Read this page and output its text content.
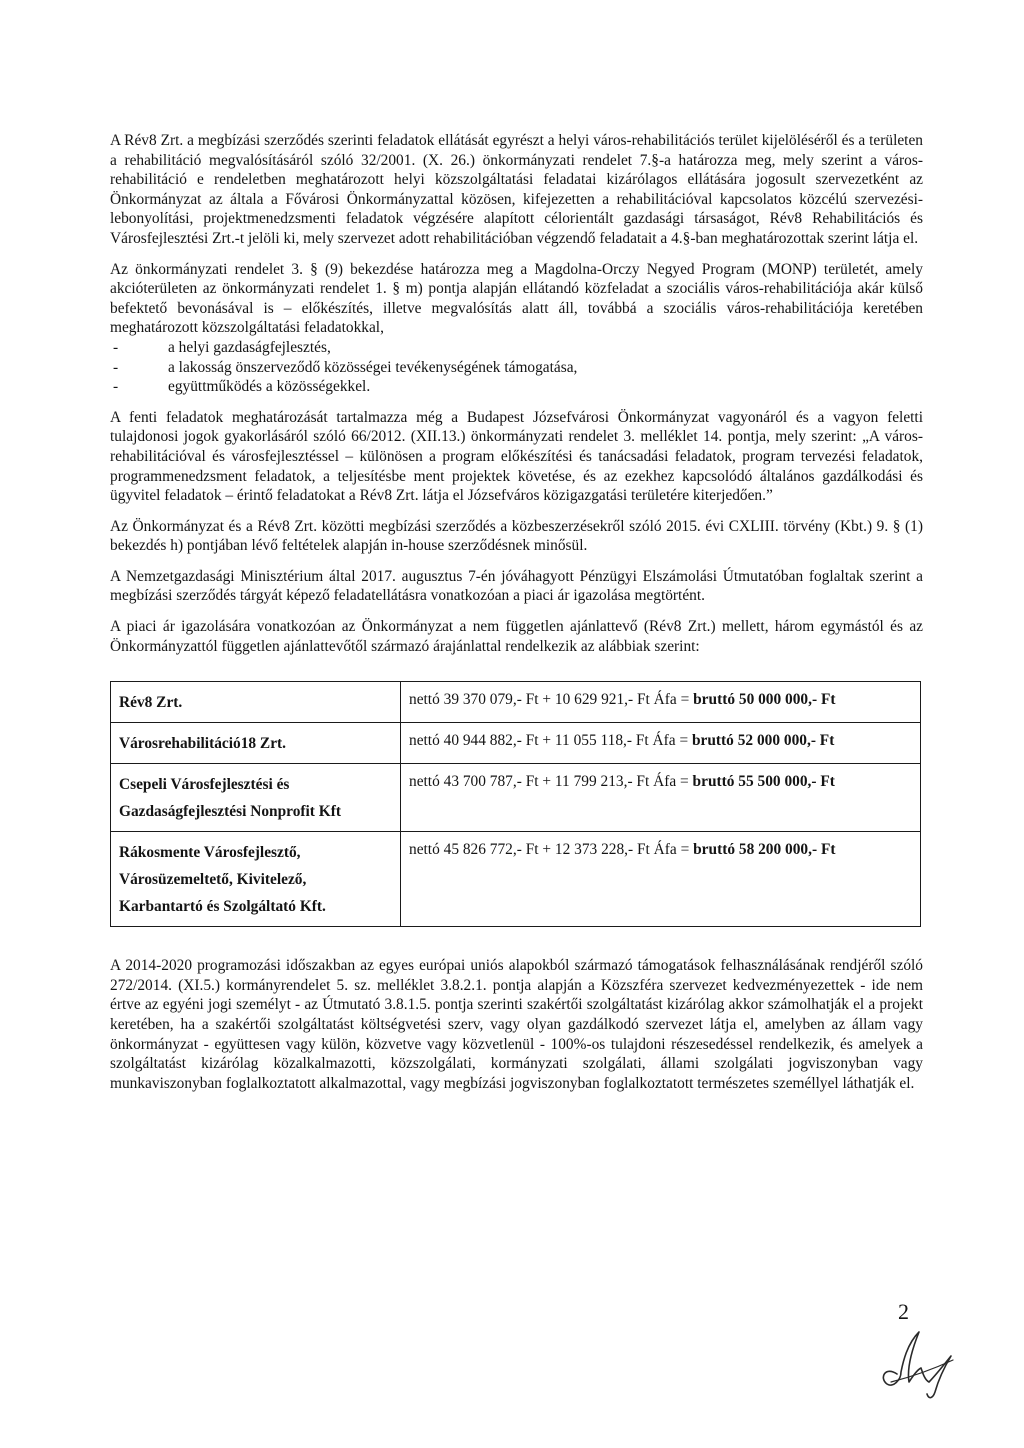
A Rév8 Zrt. a megbízási szerződés szerinti feladatok ellátását egyrészt a helyi város-rehabilitációs terület kijelöléséről és a területen a rehabilitáció megvalósításáról szóló 32/2001. (X. 26.) önkormányzati rendelet 7.§-a határozza meg, mely szerint a város-rehabilitáció e rendeletben meghatározott helyi közszolgáltatási feladatai kizárólagos ellátására jogosult szervezetként az Önkormányzat az általa a Fővárosi Önkormányzattal közösen, kifejezetten a rehabilitációval kapcsolatos közcélú szervezési-lebonyolítási, projektmenedzsmenti feladatok végzésére alapított célorientált gazdasági társaságot, Rév8 Rehabilitációs és Városfejlesztési Zrt.-t jelöli ki, mely szervezet adott rehabilitációban végzendő feladatait a 4.§-ban meghatározottak szerint látja el.

Az önkormányzati rendelet 3. § (9) bekezdése határozza meg a Magdolna-Orczy Negyed Program (MONP) területét, amely akcióterületen az önkormányzati rendelet 1. § m) pontja alapján ellátandó közfeladat a szociális város-rehabilitációja akár külső befektető bevonásával is – előkészítés, illetve megvalósítás alatt áll, továbbá a szociális város-rehabilitációja keretében meghatározott közszolgáltatási feladatokkal,

-	a helyi gazdaságfejlesztés,
-	a lakosság önszerveződő közösségei tevékenységének támogatása,
-	együttműködés a közösségekkel.

A fenti feladatok meghatározását tartalmazza még a Budapest Józsefvárosi Önkormányzat vagyonáról és a vagyon feletti tulajdonosi jogok gyakorlásáról szóló 66/2012. (XII.13.) önkormányzati rendelet 3. melléklet 14. pontja, mely szerint: „A város-rehabilitációval és városfejlesztéssel – különösen a program előkészítési és tanácsadási feladatok, program tervezési feladatok, programmenedzsment feladatok, a teljesítésbe ment projektek követése, és az ezekhez kapcsolódó általános gazdálkodási és ügyvitel feladatok – érintő feladatokat a Rév8 Zrt. látja el Józsefváros közigazgatási területére kiterjedően.”

Az Önkormányzat és a Rév8 Zrt. közötti megbízási szerződés a közbeszerzésekről szóló 2015. évi CXLIII. törvény (Kbt.) 9. § (1) bekezdés h) pontjában lévő feltételek alapján in-house szerződésnek minősül.

A Nemzetgazdasági Minisztérium által 2017. augusztus 7-én jóváhagyott Pénzügyi Elszámolási Útmutatóban foglaltak szerint a megbízási szerződés tárgyát képező feladatellátásra vonatkozóan a piaci ár igazolása megtörtént.

A piaci ár igazolására vonatkozóan az Önkormányzat a nem független ajánlattevő (Rév8 Zrt.) mellett, három egymástól és az Önkormányzattól független ajánlattevőtől származó árajánlattal rendelkezik az alábbiak szerint:

Rév8 Zrt.	nettó 39 370 079,- Ft + 10 629 921,- Ft Áfa = bruttó 50 000 000,- Ft
Városrehabilitáció18 Zrt.	nettó 40 944 882,- Ft + 11 055 118,- Ft Áfa = bruttó 52 000 000,- Ft
Csepeli Városfejlesztési és Gazdaságfejlesztési Nonprofit Kft	nettó 43 700 787,- Ft + 11 799 213,- Ft Áfa = bruttó 55 500 000,- Ft
Rákosmente Városfejlesztő, Városüzemeltető, Kivitelező, Karbantartó és Szolgáltató Kft.	nettó 45 826 772,- Ft + 12 373 228,- Ft Áfa = bruttó 58 200 000,- Ft

A 2014-2020 programozási időszakban az egyes európai uniós alapokból származó támogatások felhasználásának rendjéről szóló 272/2014. (XI.5.) kormányrendelet 5. sz. melléklet 3.8.2.1. pontja alapján a Közszféra szervezet kedvezményezettek - ide nem értve az egyéni jogi személyt - az Útmutató 3.8.1.5. pontja szerinti szakértői szolgáltatást kizárólag akkor számolhatják el a projekt keretében, ha a szakértői szolgáltatást költségvetési szerv, vagy olyan gazdálkodó szervezet látja el, amelyben az állam vagy önkormányzat - együttesen vagy külön, közvetve vagy közvetlenül - 100%-os tulajdoni részesedéssel rendelkezik, és amelyek a szolgáltatást kizárólag közalkalmazotti, közszolgálati, kormányzati szolgálati, állami szolgálati jogviszonyban vagy munkaviszonyban foglalkoztatott alkalmazottal, vagy megbízási jogviszonyban foglalkoztatott természetes személlyel láthatják el.

2
